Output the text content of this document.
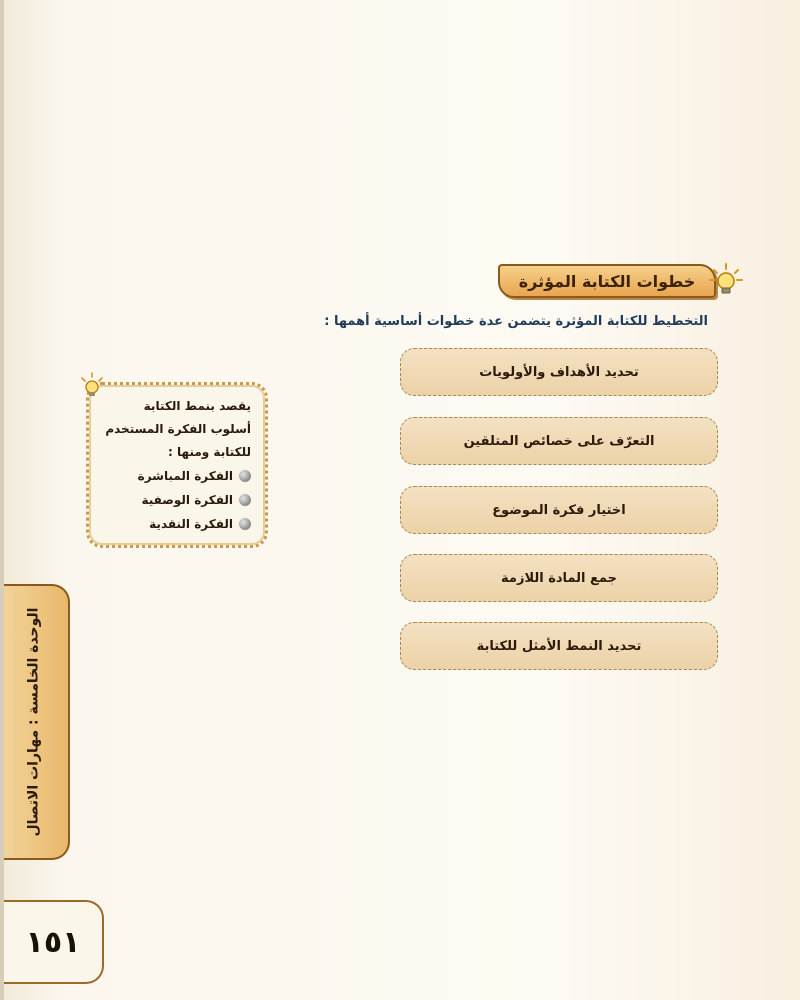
خطوات الكتابة المؤثرة
التخطيط للكتابة المؤثرة يتضمن عدة خطوات أساسية أهمها :
تحديد الأهداف والأولويات
التعرّف على خصائص المتلقين
اختيار فكرة الموضوع
جمع المادة اللازمة
تحديد النمط الأمثل للكتابة
يقصد بنمط الكتابة
أسلوب الفكرة المستخدم
للكتابة ومنها :
الفكرة المباشرة
الفكرة الوصفية
الفكرة النقدية
الوحدة الخامسة : مهارات الاتصال
١٥١
